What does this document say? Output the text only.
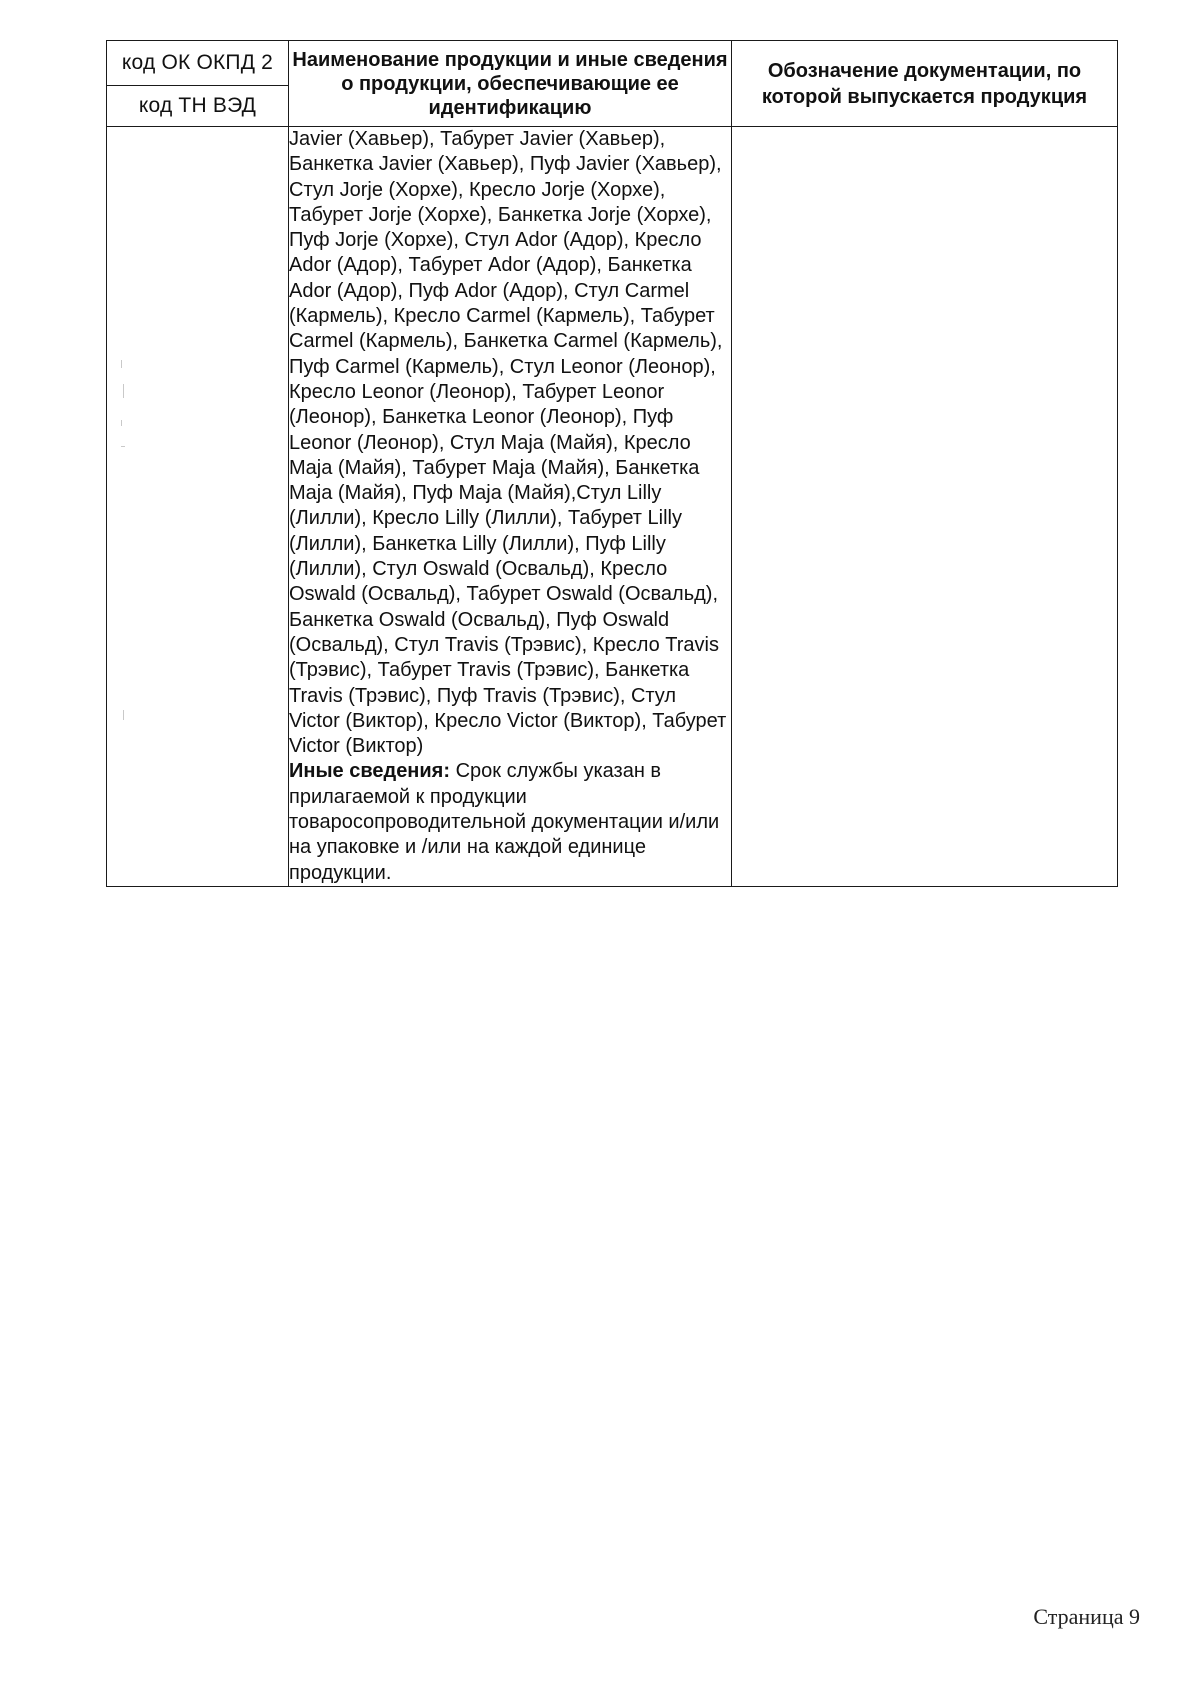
код ОК ОКПД 2	Наименование продукции и иные сведения о продукции, обеспечивающие ее идентификацию	Обозначение документации, по которой выпускается продукция
код ТН ВЭД		
	Javier (Хавьер), Табурет Javier (Хавьер), Банкетка Javier (Хавьер), Пуф Javier (Хавьер), Стул Jorje (Хорхе), Кресло Jorje (Хорхе), Табурет Jorje (Хорхе), Банкетка Jorje (Хорхе), Пуф Jorje (Хорхе), Стул Ador (Адор), Кресло Ador (Адор), Табурет Ador (Адор), Банкетка Ador (Адор), Пуф Ador (Адор), Стул Carmel (Кармель), Кресло Carmel (Кармель), Табурет Carmel (Кармель), Банкетка Carmel (Кармель), Пуф Carmel (Кармель), Стул Leonor (Леонор), Кресло Leonor (Леонор), Табурет Leonor (Леонор), Банкетка Leonor (Леонор), Пуф Leonor (Леонор), Стул Maja (Майя), Кресло Maja (Майя), Табурет Maja (Майя), Банкетка Maja (Майя), Пуф Maja (Майя),Стул Lilly (Лилли), Кресло Lilly (Лилли), Табурет Lilly (Лилли), Банкетка Lilly (Лилли), Пуф Lilly (Лилли), Стул Oswald (Освальд), Кресло Oswald (Освальд), Табурет Oswald (Освальд), Банкетка Oswald (Освальд), Пуф Oswald (Освальд), Стул Travis (Трэвис), Кресло Travis (Трэвис), Табурет Travis (Трэвис), Банкетка Travis (Трэвис), Пуф Travis (Трэвис), Стул Victor (Виктор), Кресло Victor (Виктор), Табурет Victor (Виктор)
Иные сведения: Срок службы указан в прилагаемой к продукции товаросопроводительной документации и/или на упаковке и /или на каждой единице продукции.	
Страница 9
